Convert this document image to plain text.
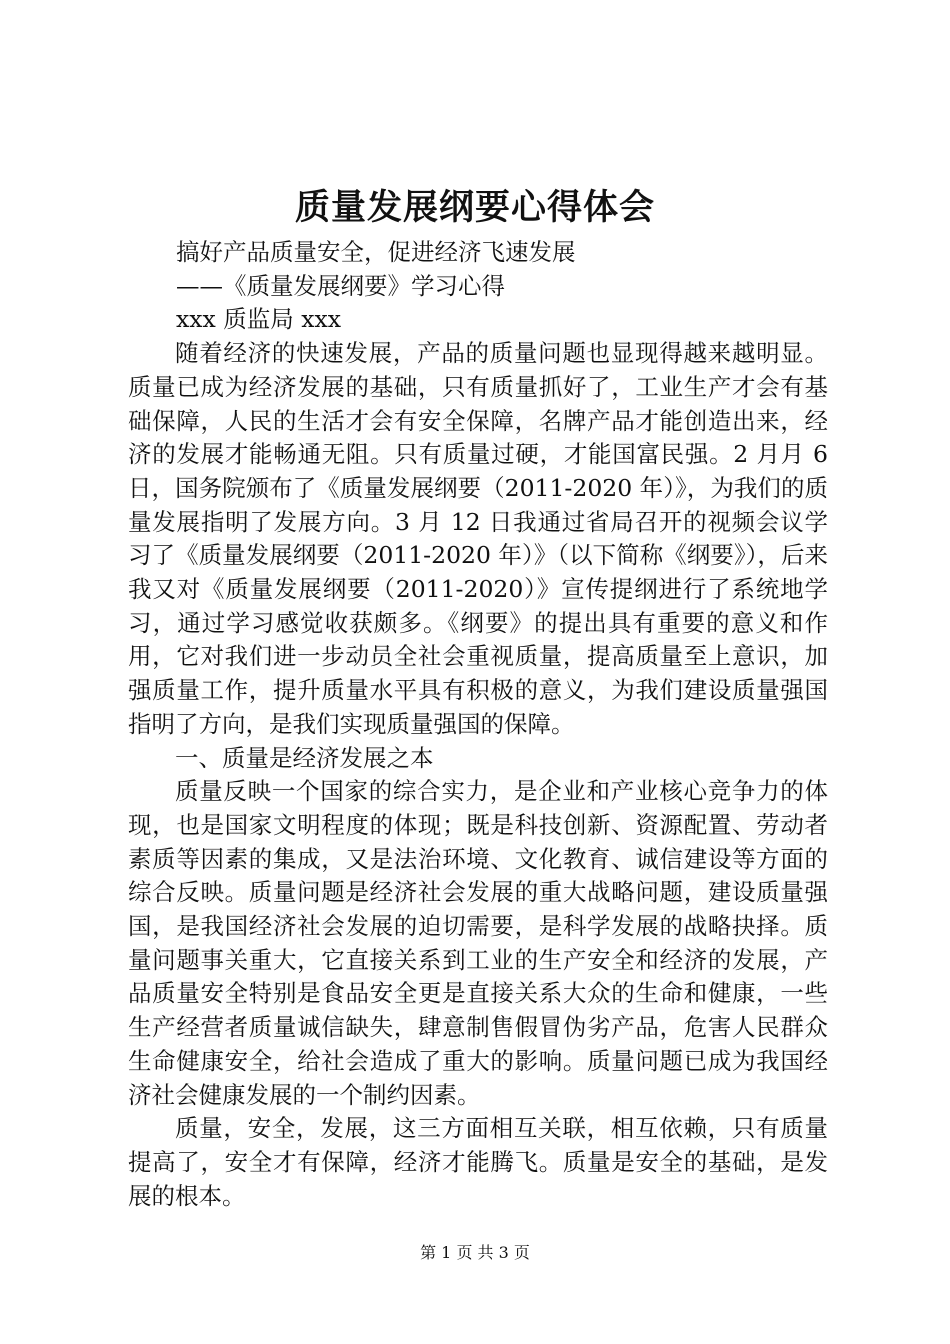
质量发展纲要心得体会

搞好产品质量安全，促进经济飞速发展

——《质量发展纲要》学习心得

xxx 质监局 xxx

随着经济的快速发展，产品的质量问题也显现得越来越明显。质量已成为经济发展的基础，只有质量抓好了，工业生产才会有基础保障，人民的生活才会有安全保障，名牌产品才能创造出来，经济的发展才能畅通无阻。只有质量过硬，才能国富民强。2 月月 6 日，国务院颁布了《质量发展纲要（2011-2020 年）》，为我们的质量发展指明了发展方向。3 月 12 日我通过省局召开的视频会议学习了《质量发展纲要（2011-2020 年）》（以下简称《纲要》），后来我又对《质量发展纲要（2011-2020）》宣传提纲进行了系统地学习，通过学习感觉收获颇多。《纲要》的提出具有重要的意义和作用，它对我们进一步动员全社会重视质量，提高质量至上意识，加强质量工作，提升质量水平具有积极的意义，为我们建设质量强国指明了方向，是我们实现质量强国的保障。

一、质量是经济发展之本

质量反映一个国家的综合实力，是企业和产业核心竞争力的体现，也是国家文明程度的体现；既是科技创新、资源配置、劳动者素质等因素的集成，又是法治环境、文化教育、诚信建设等方面的综合反映。质量问题是经济社会发展的重大战略问题，建设质量强国，是我国经济社会发展的迫切需要，是科学发展的战略抉择。质量问题事关重大，它直接关系到工业的生产安全和经济的发展，产品质量安全特别是食品安全更是直接关系大众的生命和健康，一些生产经营者质量诚信缺失，肆意制售假冒伪劣产品，危害人民群众生命健康安全，给社会造成了重大的影响。质量问题已成为我国经济社会健康发展的一个制约因素。

质量，安全，发展，这三方面相互关联，相互依赖，只有质量提高了，安全才有保障，经济才能腾飞。质量是安全的基础，是发展的根本。

第 1 页 共 3 页
